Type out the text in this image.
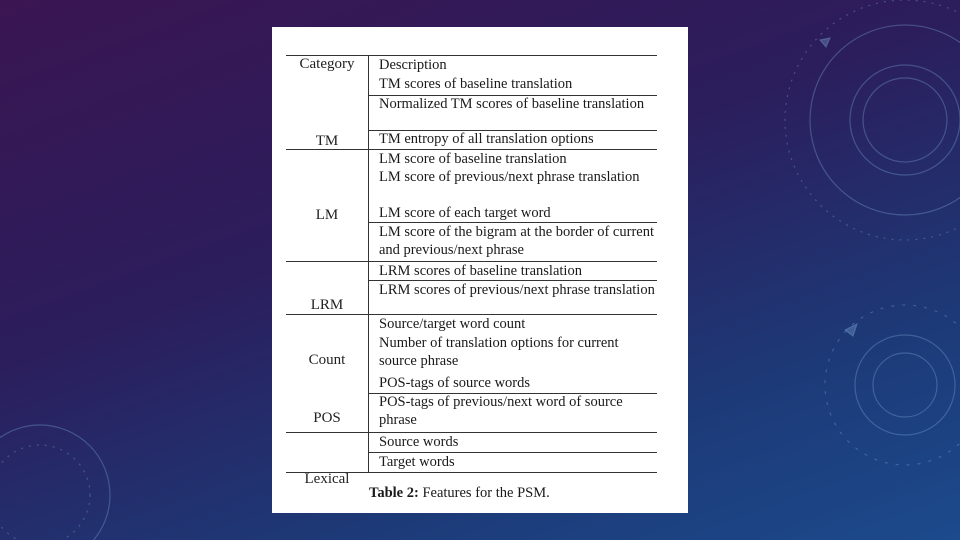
Category	Description
TM
TM scores of baseline translation
Normalized TM scores of baseline translation
TM entropy of all translation options
LM
LM score of baseline translation
LM score of previous/next phrase translation
LM score of each target word
LM score of the bigram at the border of current and previous/next phrase
LRM
LRM scores of baseline translation
LRM scores of previous/next phrase translation
Count
Source/target word count
Number of translation options for current source phrase
POS
POS-tags of source words
POS-tags of previous/next word of source phrase
Lexical
Source words
Target words
Table 2: Features for the PSM.
